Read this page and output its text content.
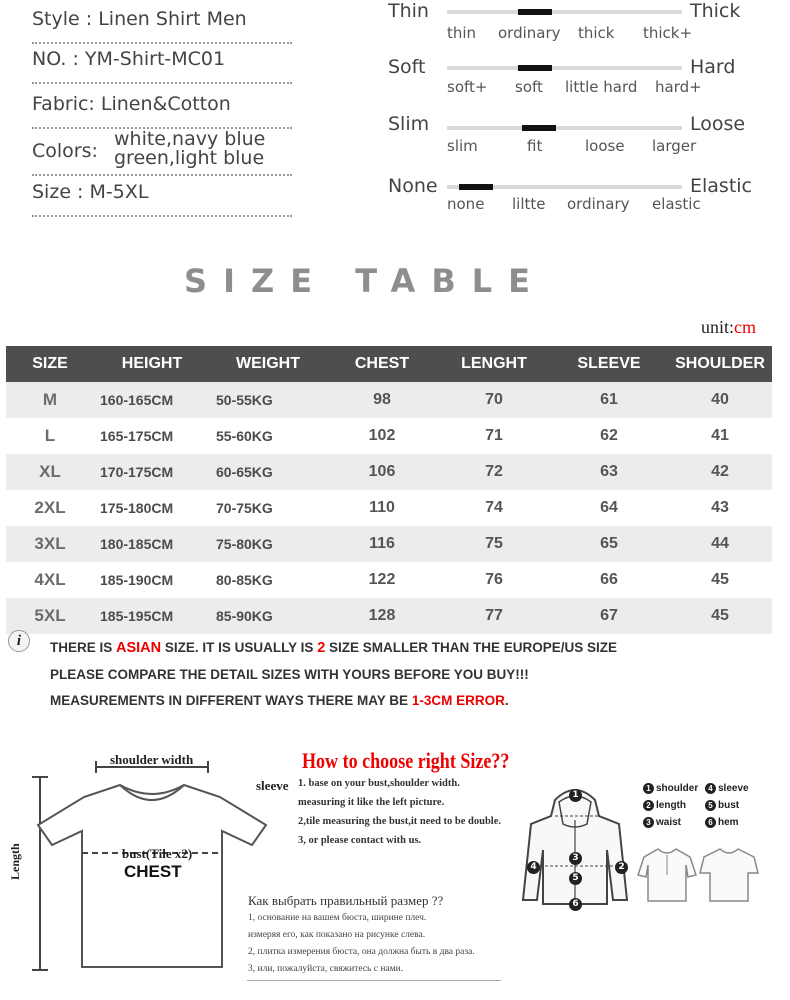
Style : Linen Shirt Men
NO. : YM-Shirt-MC01
Fabric: Linen&Cotton
Colors:
white,navy blue
green,light blue
Size : M-5XL
Thin	Thick
thin ordinary thick thick+
Soft	Hard
soft+ soft little hard hard+
Slim	Loose
slim	fit	loose larger
None	Elastic
none liltte ordinary elastic
SIZE TABLE
unit:cm
SIZE	HEIGHT	WEIGHT	CHEST	LENGHT	SLEEVE	SHOULDER
M	160-165CM	50-55KG	98	70	61	40
L	165-175CM	55-60KG	102	71	62	41
XL	170-175CM	60-65KG	106	72	63	42
2XL	175-180CM	70-75KG	110	74	64	43
3XL	180-185CM	75-80KG	116	75	65	44
4XL	185-190CM	80-85KG	122	76	66	45
5XL	185-195CM	85-90KG	128	77	67	45
i	THERE IS ASIAN SIZE. IT IS USUALLY IS 2 SIZE SMALLER THAN THE EUROPE/US SIZE
PLEASE COMPARE THE DETAIL SIZES WITH YOURS BEFORE YOU BUY!!!
MEASUREMENTS IN DIFFERENT WAYS THERE MAY BE 1-3CM ERROR.
shoulder width
sleeve
bust(Tile x2)
CHEST
Length
How to choose right Size??
1. base on your bust,shoulder width.
measuring it like the left picture.
2,tile measuring the bust,it need to be double.
3, or please contact with us.
Как выбрать правильный размер ??
1, основание на вашем бюста, ширине плеч.
измеряя его, как показано на рисунке слева.
2, плитка измерения бюста, она должна быть в два раза.
3, или, пожалуйста, свяжитесь с нами.
1
2
3
4
5
6
1 shoulder	4 sleeve
2 length	5 bust
3 waist	6 hem
